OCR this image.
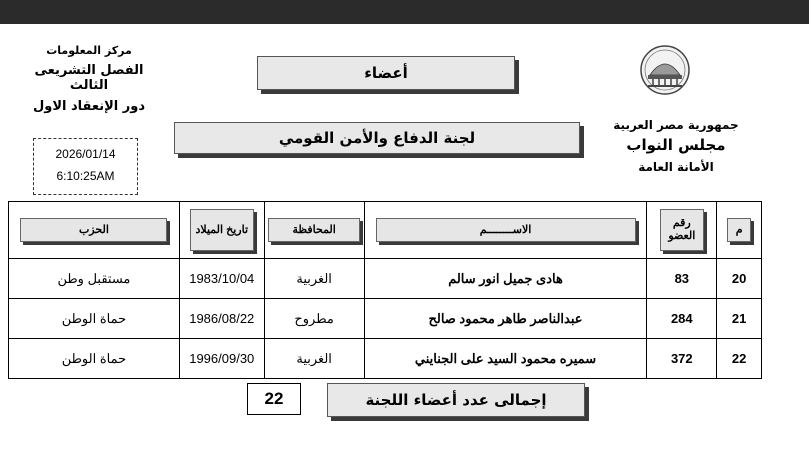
مركز المعلومات
الفصل التشريعى الثالث
دور الإنعقاد الاول
2026/01/14
6:10:25AM
أعضاء
لجنة الدفاع والأمن القومي
جمهورية مصر العربية
مجلس النواب
الأمانة العامة
م	رقم العضو	الاســــــــم	المحافظة	تاريخ الميلاد	الحزب

20	83	هادى جميل انور سالم	الغربية	1983/10/04	مستقبل وطن
21	284	عبدالناصر طاهر محمود صالح	مطروح	1986/08/22	حماة الوطن
22	372	سميره محمود السيد على الجنايني	الغربية	1996/09/30	حماة الوطن
22	إجمالى عدد أعضاء اللجنة
